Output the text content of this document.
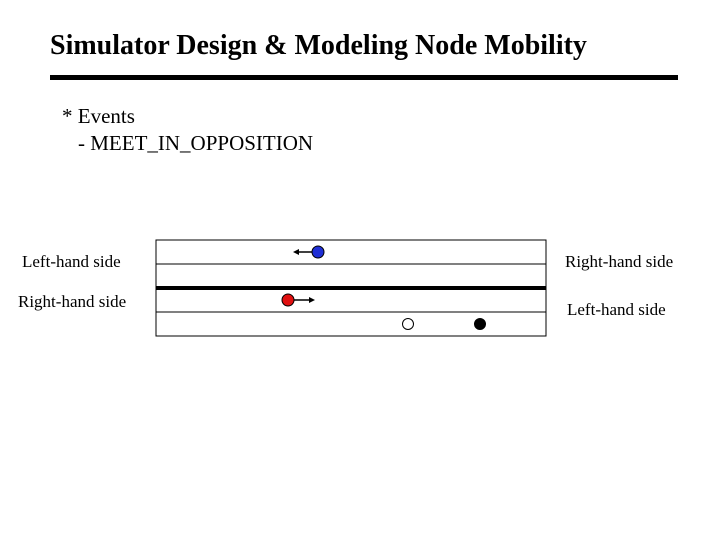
Simulator Design & Modeling Node Mobility
* Events
- MEET_IN_OPPOSITION
Left-hand side
Right-hand side
Right-hand side
Left-hand side
